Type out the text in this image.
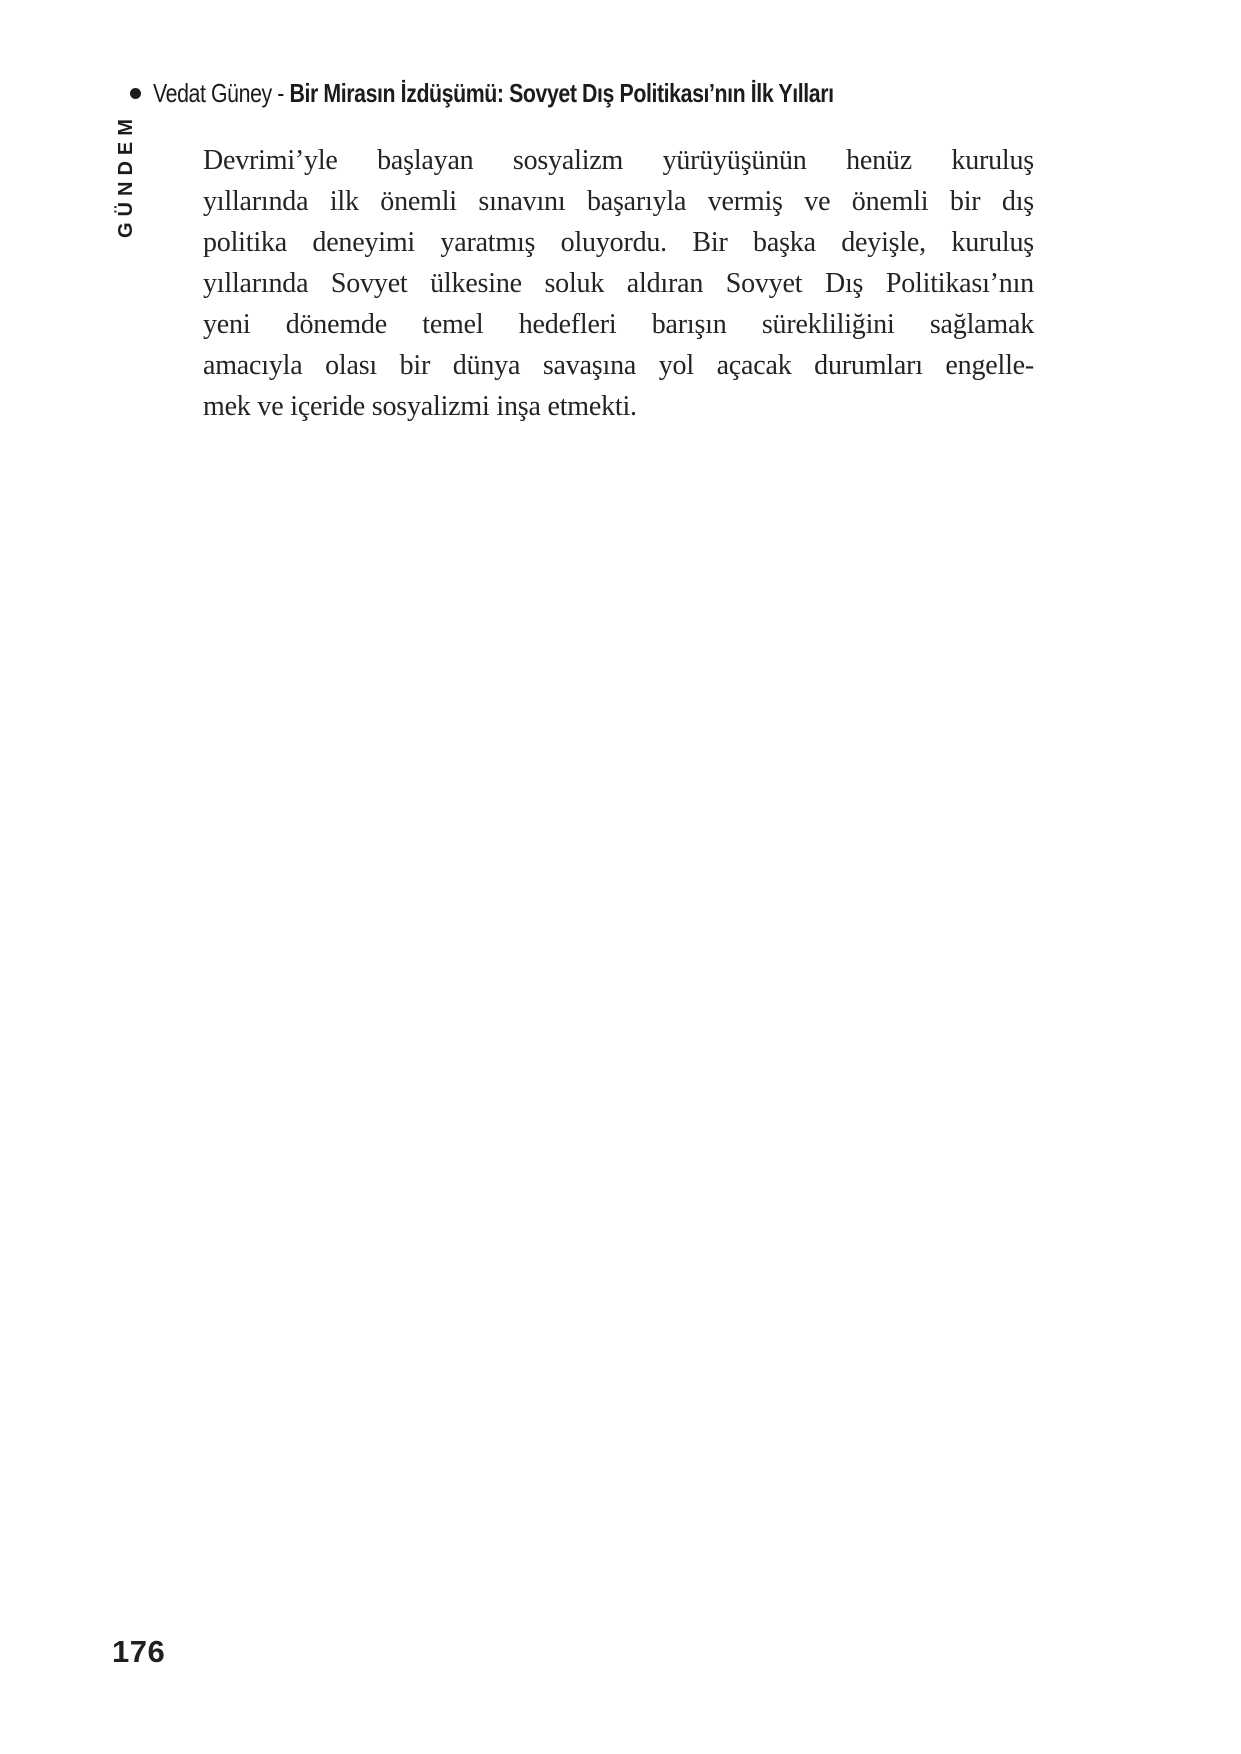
Vedat Güney - Bir Mirasın İzdüşümü: Sovyet Dış Politikası’nın İlk Yılları
GÜNDEM Devrimi’yle başlayan sosyalizm yürüyüşünün henüz kuruluş
yıllarında ilk önemli sınavını başarıyla vermiş ve önemli bir dış
politika deneyimi yaratmış oluyordu. Bir başka deyişle, kuruluş
yıllarında Sovyet ülkesine soluk aldıran Sovyet Dış Politikası’nın
yeni dönemde temel hedefleri barışın sürekliliğini sağlamak
amacıyla olası bir dünya savaşına yol açacak durumları engelle-
mek ve içeride sosyalizmi inşa etmekti.
176
